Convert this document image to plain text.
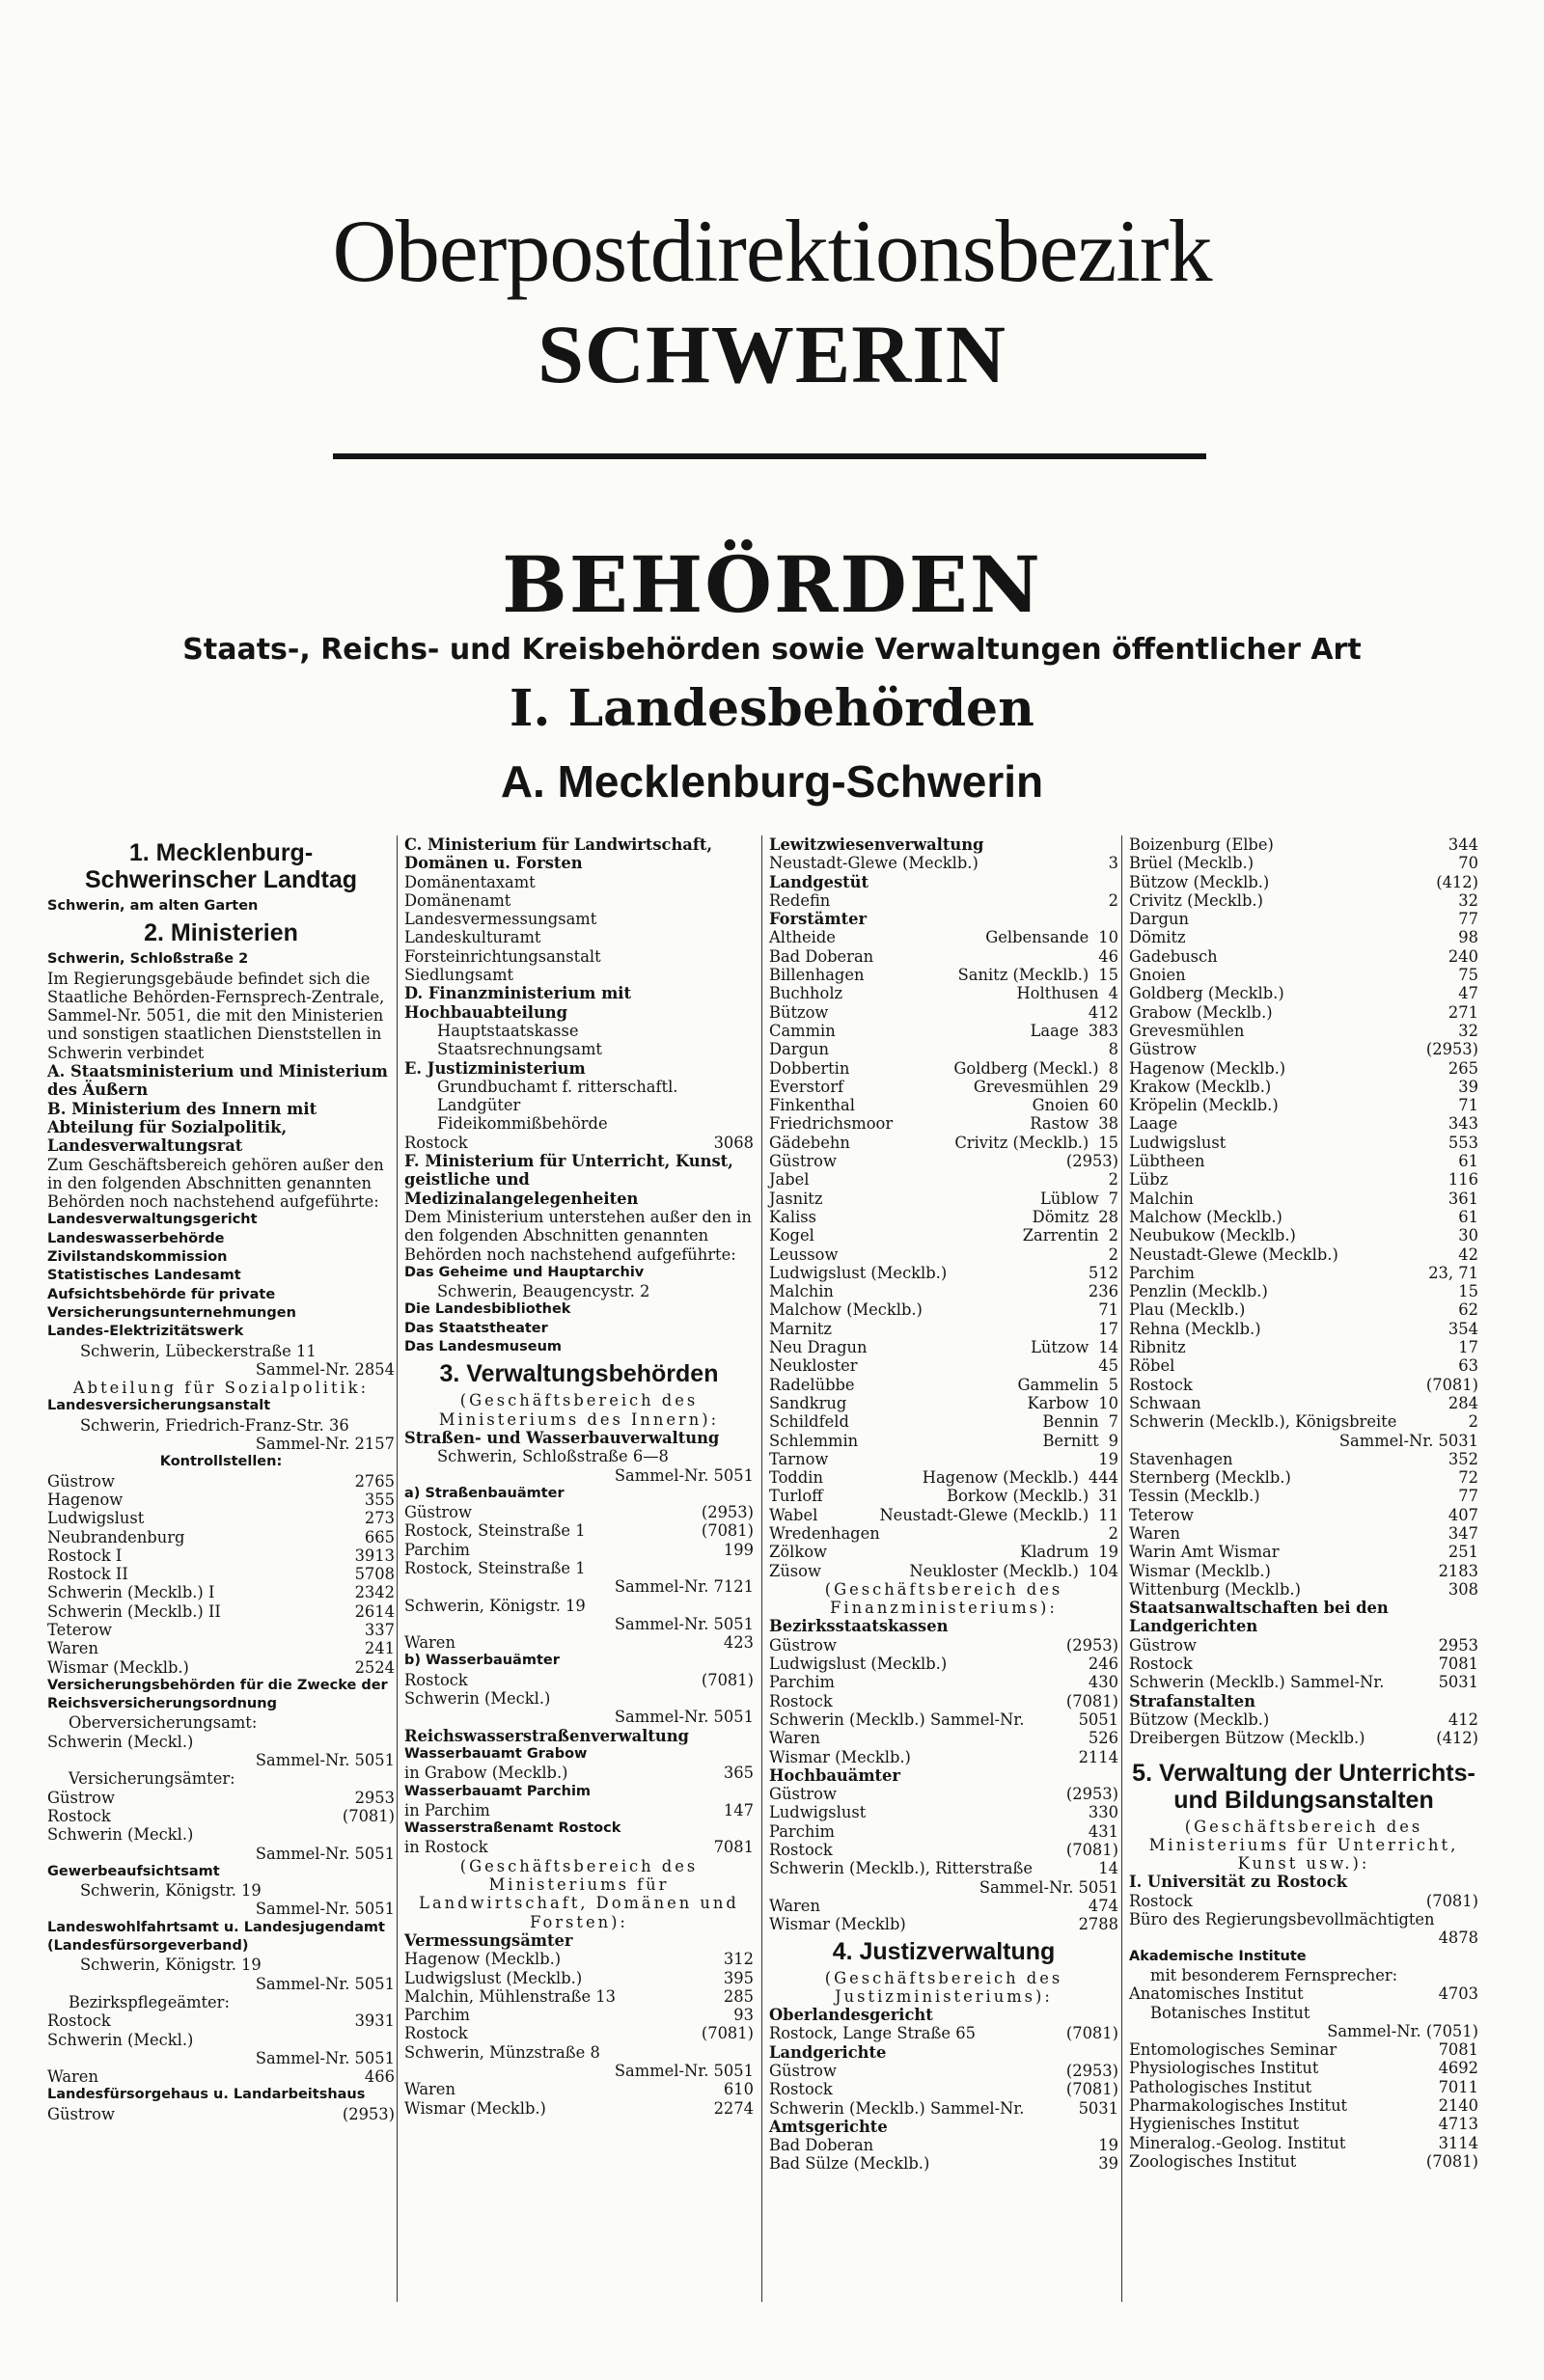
Oberpostdirektionsbezirk
SCHWERIN
BEHÖRDEN
Staats-, Reichs- und Kreisbehörden sowie Verwaltungen öffentlicher Art
I. Landesbehörden
A. Mecklenburg-Schwerin

1. Mecklenburg-Schwerinscher Landtag

Schwerin, am alten Garten

2. Ministerien

Schwerin, Schloßstraße 2

Im Regierungsgebäude befindet sich die Staatliche Behörden-Fernsprech-Zentrale, Sammel-Nr. 5051, die mit den Ministerien und sonstigen staatlichen Dienststellen in Schwerin verbindet

A. Staatsministerium und Ministerium des Äußern

B. Ministerium des Innern mit Abteilung für Sozialpolitik, Landesverwaltungsrat

Zum Geschäftsbereich gehören außer den in den folgenden Abschnitten genannten Behörden noch nachstehend aufgeführte:

Landesverwaltungsgericht

Landeswasserbehörde

Zivilstandskommission

Statistisches Landesamt

Aufsichtsbehörde für private Versicherungsunternehmungen

Landes-Elektrizitätswerk

Schwerin, Lübeckerstraße 11

Sammel-Nr. 2854

Abteilung für Sozialpolitik:

Landesversicherungsanstalt

Schwerin, Friedrich-Franz-Str. 36

Sammel-Nr. 2157

Kontrollstellen:

Güstrow	2765
Hagenow	355
Ludwigslust	273
Neubrandenburg	665
Rostock I	3913
Rostock II	5708
Schwerin (Mecklb.) I	2342
Schwerin (Mecklb.) II	2614
Teterow	337
Waren	241
Wismar (Mecklb.)	2524

Versicherungsbehörden für die Zwecke der Reichsversicherungsordnung

Oberversicherungsamt:

Schwerin (Meckl.)

Sammel-Nr. 5051

Versicherungsämter:

Güstrow	2953
Rostock	(7081)

Schwerin (Meckl.)

Sammel-Nr. 5051

Gewerbeaufsichtsamt

Schwerin, Königstr. 19

Sammel-Nr. 5051

Landeswohlfahrtsamt u. Landesjugendamt (Landesfürsorgeverband)

Schwerin, Königstr. 19

Sammel-Nr. 5051

Bezirkspflegeämter:

Rostock	3931

Schwerin (Meckl.)

Sammel-Nr. 5051
Waren	466

Landesfürsorgehaus u. Landarbeitshaus

Güstrow	(2953)

C. Ministerium für Landwirtschaft, Domänen u. Forsten

Domänentaxamt

Domänenamt

Landesvermessungsamt

Landeskulturamt

Forsteinrichtungsanstalt

Siedlungsamt

D. Finanzministerium mit Hochbauabteilung

Hauptstaatskasse

Staatsrechnungsamt

E. Justizministerium

Grundbuchamt f. ritterschaftl. Landgüter

Fideikommißbehörde

Rostock	3068

F. Ministerium für Unterricht, Kunst, geistliche und Medizinalangelegenheiten

Dem Ministerium unterstehen außer den in den folgenden Abschnitten genannten Behörden noch nachstehend aufgeführte:

Das Geheime und Hauptarchiv

Schwerin, Beaugencystr. 2

Die Landesbibliothek

Das Staatstheater

Das Landesmuseum

3. Verwaltungsbehörden

(Geschäftsbereich des Ministeriums des Innern):

Straßen- und Wasserbauverwaltung

Schwerin, Schloßstraße 6—8

Sammel-Nr. 5051

a) Straßenbauämter

Güstrow	(2953)
Rostock, Steinstraße 1	(7081)
Parchim	199

Rostock, Steinstraße 1

Sammel-Nr. 7121

Schwerin, Königstr. 19

Sammel-Nr. 5051
Waren	423

b) Wasserbauämter

Rostock	(7081)

Schwerin (Meckl.)

Sammel-Nr. 5051

Reichswasserstraßenverwaltung

Wasserbauamt Grabow

in Grabow (Mecklb.)	365

Wasserbauamt Parchim

in Parchim	147

Wasserstraßenamt Rostock

in Rostock	7081

(Geschäftsbereich des Ministeriums für Landwirtschaft, Domänen und Forsten):

Vermessungsämter

Hagenow (Mecklb.)	312
Ludwigslust (Mecklb.)	395
Malchin, Mühlenstraße 13	285
Parchim	93
Rostock	(7081)

Schwerin, Münzstraße 8

Sammel-Nr. 5051
Waren	610
Wismar (Mecklb.)	2274

Lewitzwiesenverwaltung

Neustadt-Glewe (Mecklb.)	3

Landgestüt

Redefin	2

Forstämter

Altheide	Gelbensande 10
Bad Doberan	46
Billenhagen	Sanitz (Mecklb.) 15
Buchholz	Holthusen 4
Bützow	412
Cammin	Laage 383
Dargun	8
Dobbertin	Goldberg (Meckl.) 8
Everstorf	Grevesmühlen 29
Finkenthal	Gnoien 60
Friedrichsmoor	Rastow 38
Gädebehn	Crivitz (Mecklb.) 15
Güstrow	(2953)
Jabel	2
Jasnitz	Lüblow 7
Kaliss	Dömitz 28
Kogel	Zarrentin 2
Leussow	2
Ludwigslust (Mecklb.)	512
Malchin	236
Malchow (Mecklb.)	71
Marnitz	17
Neu Dragun	Lützow 14
Neukloster	45
Radelübbe	Gammelin 5
Sandkrug	Karbow 10
Schildfeld	Bennin 7
Schlemmin	Bernitt 9
Tarnow	19
Toddin	Hagenow (Mecklb.) 444
Turloff	Borkow (Mecklb.) 31
Wabel	Neustadt-Glewe (Mecklb.) 11
Wredenhagen	2
Zölkow	Kladrum 19
Züsow	Neukloster (Mecklb.) 104

(Geschäftsbereich des Finanzministeriums):

Bezirksstaatskassen

Güstrow	(2953)
Ludwigslust (Mecklb.)	246
Parchim	430
Rostock	(7081)
Schwerin (Mecklb.) Sammel-Nr.	5051
Waren	526
Wismar (Mecklb.)	2114

Hochbauämter

Güstrow	(2953)
Ludwigslust	330
Parchim	431
Rostock	(7081)
Schwerin (Mecklb.), Ritterstraße	14
Sammel-Nr. 5051
Waren	474
Wismar (Mecklb)	2788

4. Justizverwaltung

(Geschäftsbereich des Justizministeriums):

Oberlandesgericht

Rostock, Lange Straße 65	(7081)

Landgerichte

Güstrow	(2953)
Rostock	(7081)
Schwerin (Mecklb.) Sammel-Nr.	5031

Amtsgerichte

Bad Doberan	19
Bad Sülze (Mecklb.)	39
Boizenburg (Elbe)	344
Brüel (Mecklb.)	70
Bützow (Mecklb.)	(412)
Crivitz (Mecklb.)	32
Dargun	77
Dömitz	98
Gadebusch	240
Gnoien	75
Goldberg (Mecklb.)	47
Grabow (Mecklb.)	271
Grevesmühlen	32
Güstrow	(2953)
Hagenow (Mecklb.)	265
Krakow (Mecklb.)	39
Kröpelin (Mecklb.)	71
Laage	343
Ludwigslust	553
Lübtheen	61
Lübz	116
Malchin	361
Malchow (Mecklb.)	61
Neubukow (Mecklb.)	30
Neustadt-Glewe (Mecklb.)	42
Parchim	23, 71
Penzlin (Mecklb.)	15
Plau (Mecklb.)	62
Rehna (Mecklb.)	354
Ribnitz	17
Röbel	63
Rostock	(7081)
Schwaan	284
Schwerin (Mecklb.), Königsbreite	2
Sammel-Nr. 5031
Stavenhagen	352
Sternberg (Mecklb.)	72
Tessin (Mecklb.)	77
Teterow	407
Waren	347
Warin Amt Wismar	251
Wismar (Mecklb.)	2183
Wittenburg (Mecklb.)	308

Staatsanwaltschaften bei den Landgerichten

Güstrow	2953
Rostock	7081
Schwerin (Mecklb.) Sammel-Nr.	5031

Strafanstalten

Bützow (Mecklb.)	412
Dreibergen Bützow (Mecklb.)	(412)

5. Verwaltung der Unterrichts- und Bildungsanstalten

(Geschäftsbereich des Ministeriums für Unterricht, Kunst usw.):

I. Universität zu Rostock

Rostock	(7081)

Büro des Regierungsbevollmächtigten

4878

Akademische Institute

mit besonderem Fernsprecher:

Anatomisches Institut	4703

Botanisches Institut

Sammel-Nr. (7051)
Entomologisches Seminar	7081
Physiologisches Institut	4692
Pathologisches Institut	7011
Pharmakologisches Institut	2140
Hygienisches Institut	4713
Mineralog.-Geolog. Institut	3114
Zoologisches Institut	(7081)
